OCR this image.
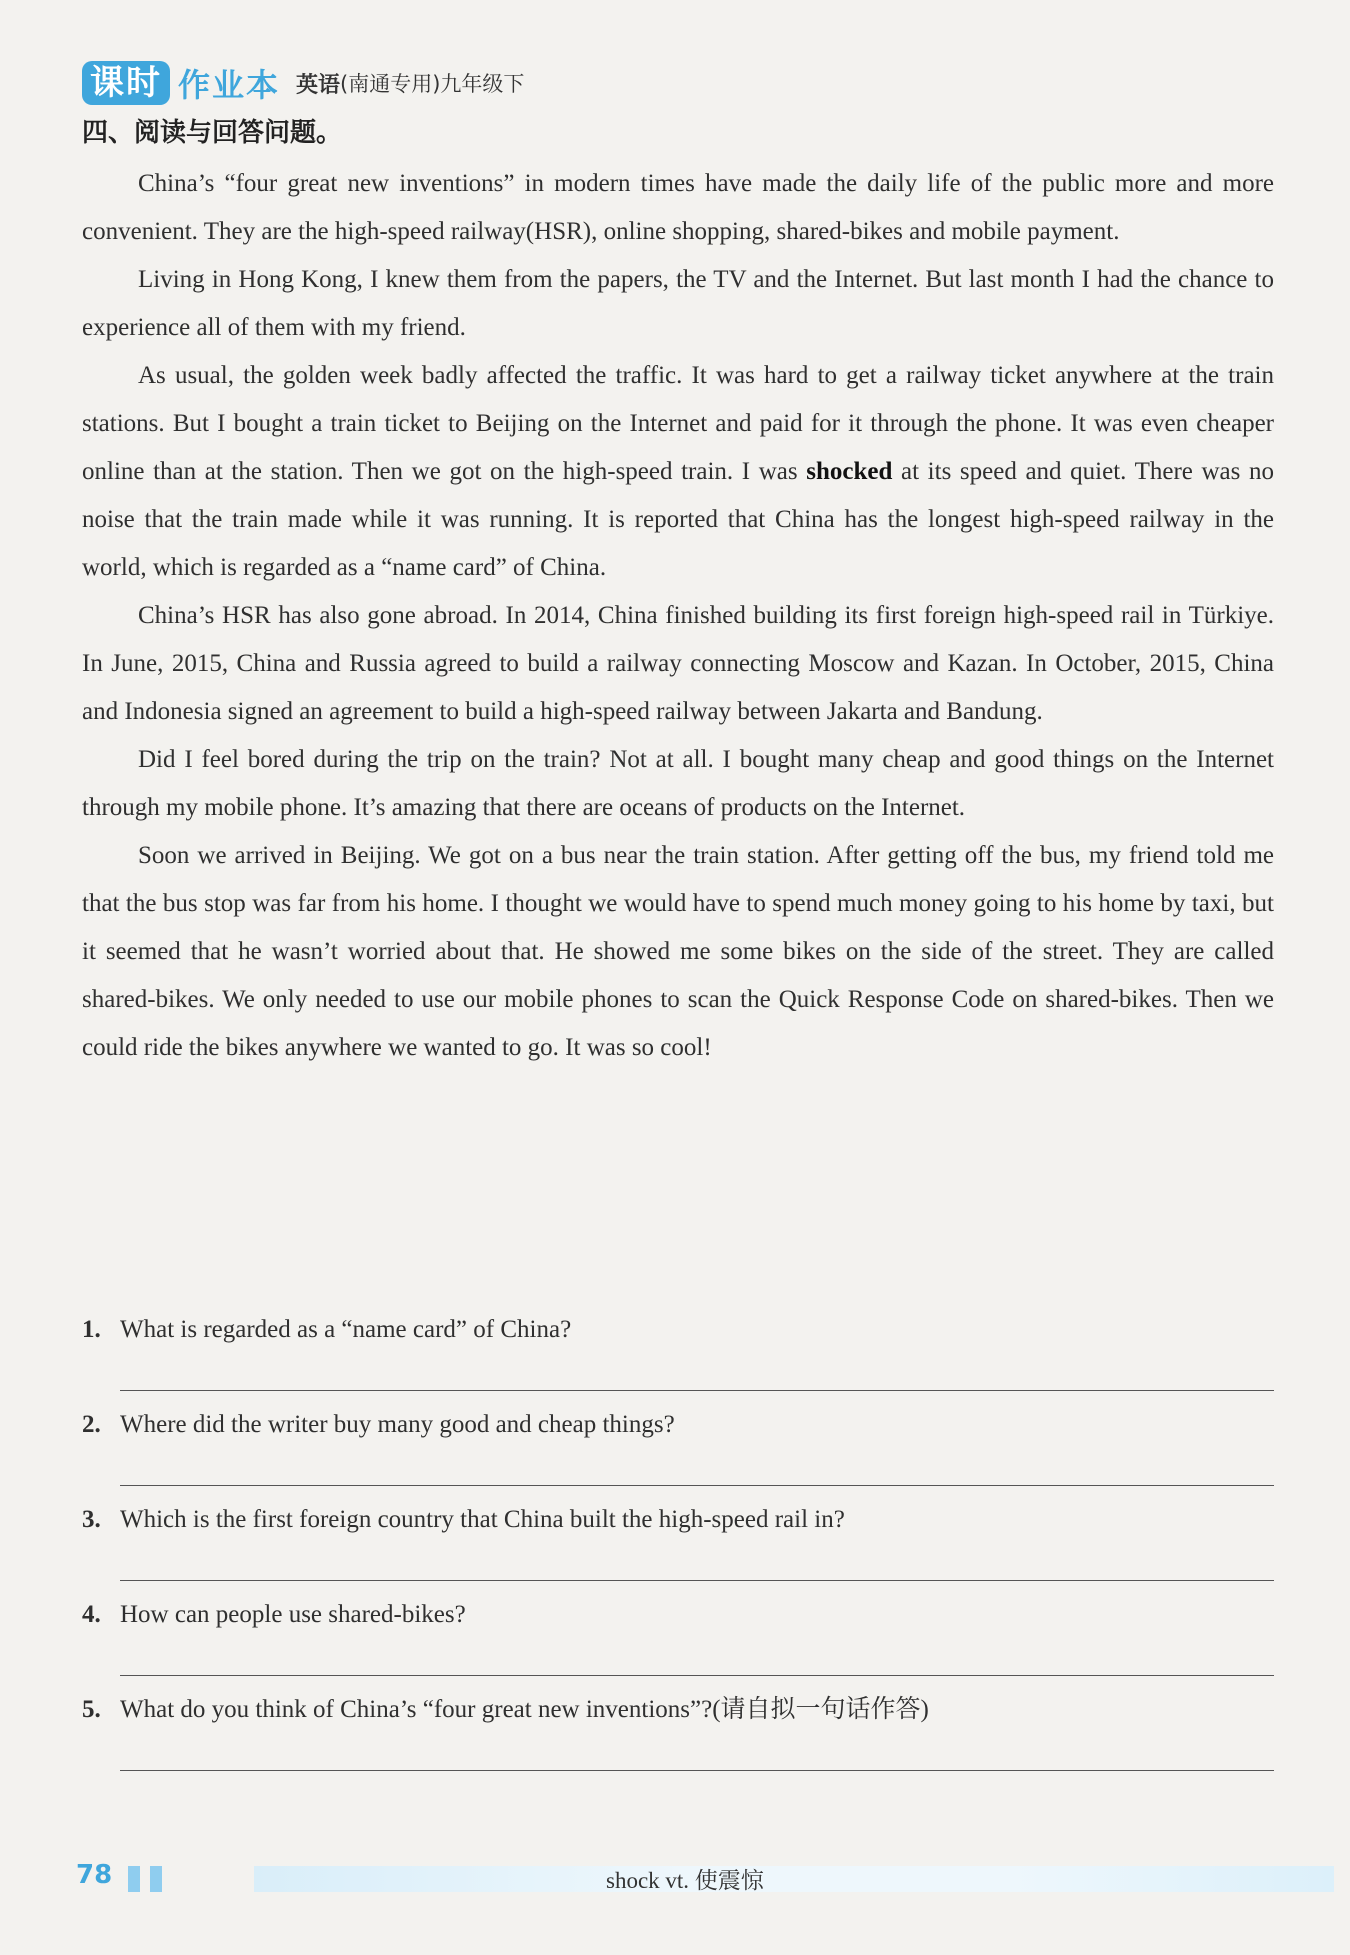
课时 作业本 英语 (南通专用)九年级下
四、阅读与回答问题。

China’s “four great new inventions” in modern times have made the daily life of the public more and more convenient. They are the high-speed railway(HSR), online shopping, shared-bikes and mobile payment.

Living in Hong Kong, I knew them from the papers, the TV and the Internet. But last month I had the chance to experience all of them with my friend.

As usual, the golden week badly affected the traffic. It was hard to get a railway ticket anywhere at the train stations. But I bought a train ticket to Beijing on the Internet and paid for it through the phone. It was even cheaper online than at the station. Then we got on the high-speed train. I was shocked at its speed and quiet. There was no noise that the train made while it was running. It is reported that China has the longest high-speed railway in the world, which is regarded as a “name card” of China.

China’s HSR has also gone abroad. In 2014, China finished building its first foreign high-speed rail in Türkiye. In June, 2015, China and Russia agreed to build a railway connecting Moscow and Kazan. In October, 2015, China and Indonesia signed an agreement to build a high-speed railway between Jakarta and Bandung.

Did I feel bored during the trip on the train? Not at all. I bought many cheap and good things on the Internet through my mobile phone. It’s amazing that there are oceans of products on the Internet.

Soon we arrived in Beijing. We got on a bus near the train station. After getting off the bus, my friend told me that the bus stop was far from his home. I thought we would have to spend much money going to his home by taxi, but it seemed that he wasn’t worried about that. He showed me some bikes on the side of the street. They are called shared-bikes. We only needed to use our mobile phones to scan the Quick Response Code on shared-bikes. Then we could ride the bikes anywhere we wanted to go. It was so cool!

1. What is regarded as a “name card” of China?
2. Where did the writer buy many good and cheap things?
3. Which is the first foreign country that China built the high-speed rail in?
4. How can people use shared-bikes?
5. What do you think of China’s “four great new inventions”?(请自拟一句话作答)
78	shock vt. 使震惊
